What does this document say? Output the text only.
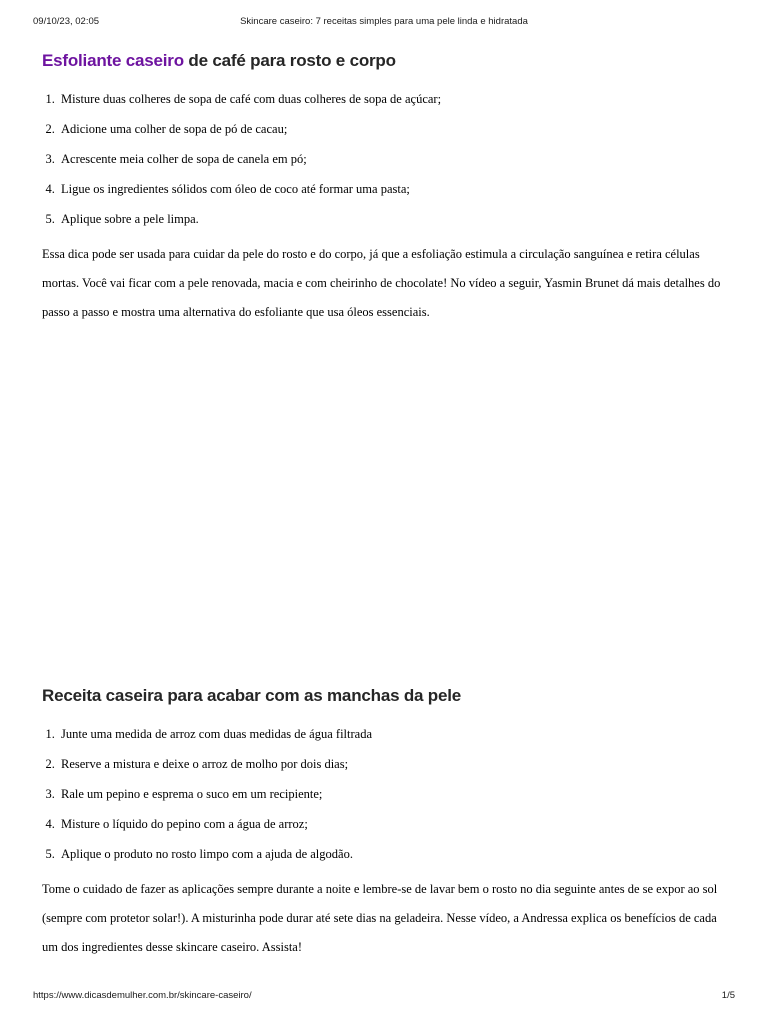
09/10/23, 02:05	Skincare caseiro: 7 receitas simples para uma pele linda e hidratada
Esfoliante caseiro de café para rosto e corpo
1. Misture duas colheres de sopa de café com duas colheres de sopa de açúcar;
2. Adicione uma colher de sopa de pó de cacau;
3. Acrescente meia colher de sopa de canela em pó;
4. Ligue os ingredientes sólidos com óleo de coco até formar uma pasta;
5. Aplique sobre a pele limpa.

Essa dica pode ser usada para cuidar da pele do rosto e do corpo, já que a esfoliação estimula a circulação sanguínea e retira células mortas. Você vai ficar com a pele renovada, macia e com cheirinho de chocolate! No vídeo a seguir, Yasmin Brunet dá mais detalhes do passo a passo e mostra uma alternativa do esfoliante que usa óleos essenciais.

Receita caseira para acabar com as manchas da pele
1. Junte uma medida de arroz com duas medidas de água filtrada
2. Reserve a mistura e deixe o arroz de molho por dois dias;
3. Rale um pepino e esprema o suco em um recipiente;
4. Misture o líquido do pepino com a água de arroz;
5. Aplique o produto no rosto limpo com a ajuda de algodão.

Tome o cuidado de fazer as aplicações sempre durante a noite e lembre-se de lavar bem o rosto no dia seguinte antes de se expor ao sol (sempre com protetor solar!). A misturinha pode durar até sete dias na geladeira. Nesse vídeo, a Andressa explica os benefícios de cada um dos ingredientes desse skincare caseiro. Assista!

https://www.dicasdemulher.com.br/skincare-caseiro/	1/5
